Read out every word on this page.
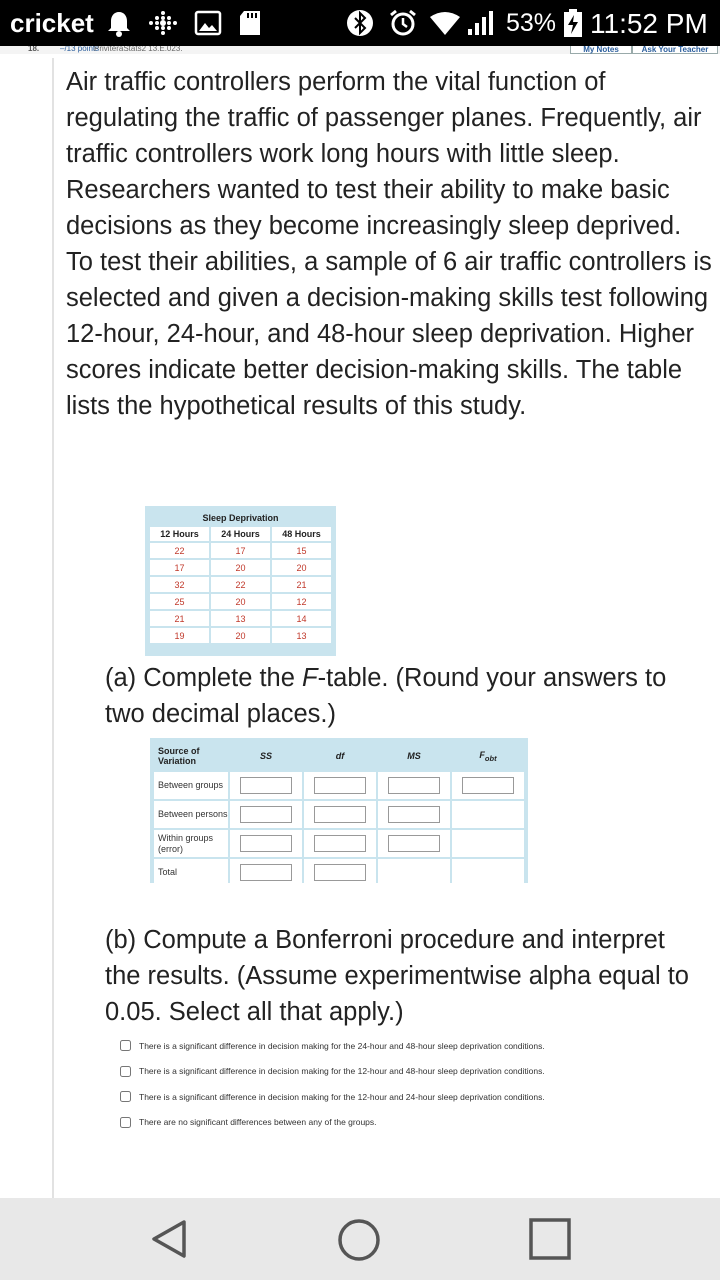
cricket	53% 11:52 PM
18.	–/13 points
PrivitéraStats2 13.E.023.	My Notes	Ask Your Teacher
Air traffic controllers perform the vital function of regulating the traffic of passenger planes. Frequently, air traffic controllers work long hours with little sleep. Researchers wanted to test their ability to make basic decisions as they become increasingly sleep deprived. To test their abilities, a sample of 6 air traffic controllers is selected and given a decision-making skills test following 12-hour, 24-hour, and 48-hour sleep deprivation. Higher scores indicate better decision-making skills. The table lists the hypothetical results of this study.
Sleep Deprivation		
12 Hours	24 Hours	48 Hours
22	17	15
17	20	20
32	22	21
25	20	12
21	13	14
19	20	13
(a) Complete the F-table. (Round your answers to two decimal places.)
Source of Variation	SS	df	MS	$F_{obt}$
Between groups	

Between persons	

Within groups (error)	

Total	

(b) Compute a Bonferroni procedure and interpret the results. (Assume experimentwise alpha equal to 0.05. Select all that apply.)
There is a significant difference in decision making for the 24-hour and 48-hour sleep deprivation conditions.
There is a significant difference in decision making for the 12-hour and 48-hour sleep deprivation conditions.
There is a significant difference in decision making for the 12-hour and 24-hour sleep deprivation conditions.
There are no significant differences between any of the groups.
